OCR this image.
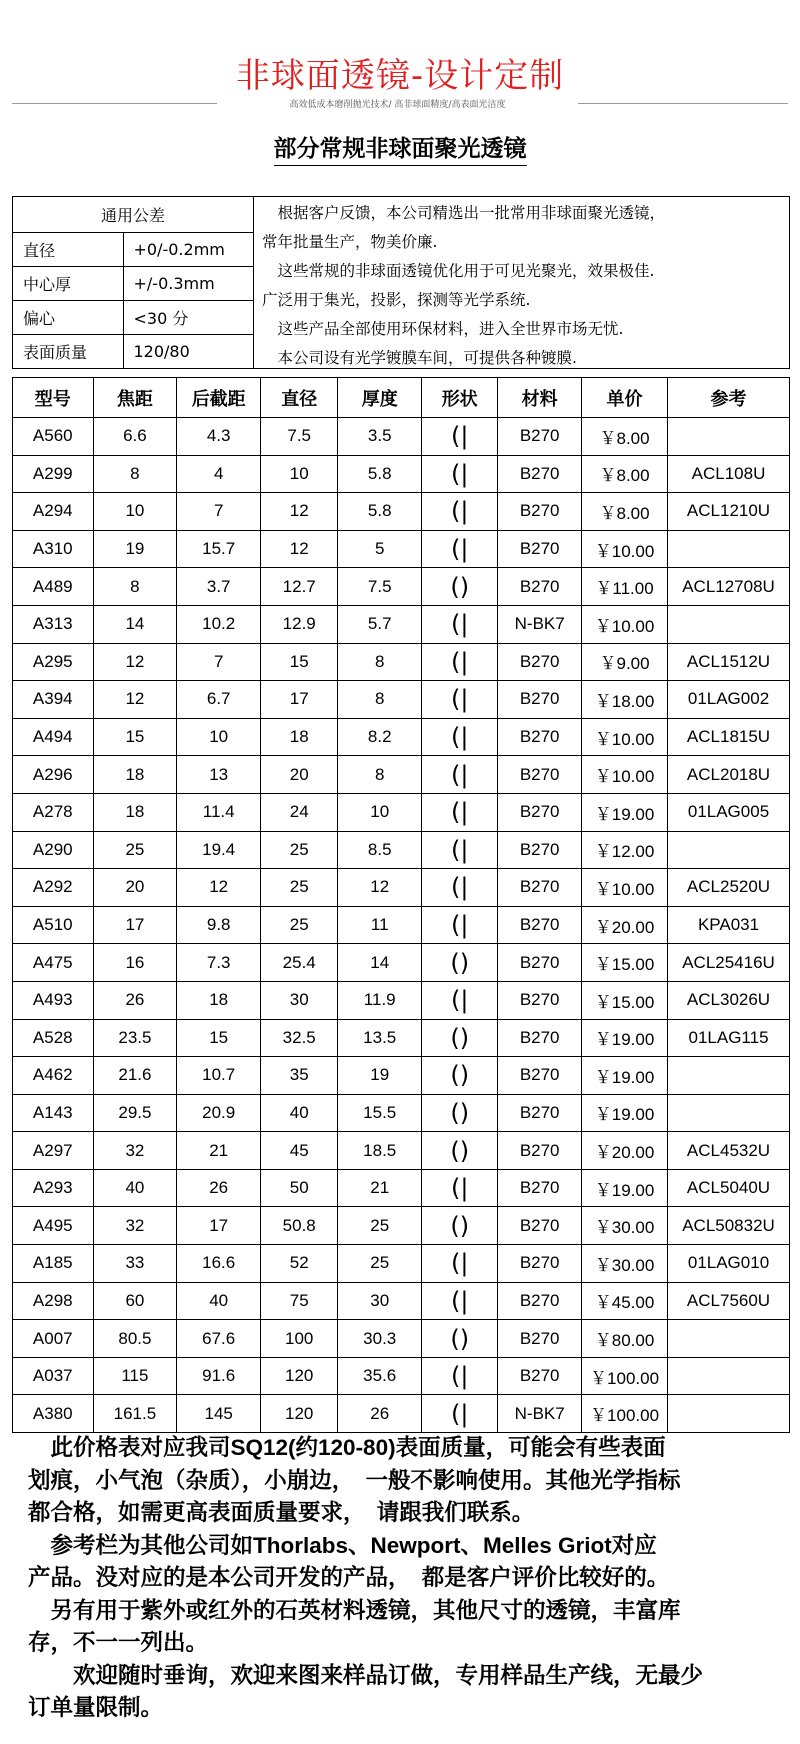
非球面透镜-设计定制
高效低成本磨削抛光技术/ 高非球面精度/高表面光洁度
部分常规非球面聚光透镜
通用公差	
直径	+0/-0.2mm
中心厚	+/-0.3mm
偏心	<30 分
表面质量	120/80

　根据客户反馈，本公司精选出一批常用非球面聚光透镜，

常年批量生产，物美价廉.

　这些常规的非球面透镜优化用于可见光聚光，效果极佳.

广泛用于集光，投影，探测等光学系统.

　这些产品全部使用环保材料，进入全世界市场无忧.

　本公司设有光学镀膜车间，可提供各种镀膜.

型号	焦距	后截距	直径	厚度	形状	材料	单价	参考
A560	6.6	4.3	7.5	3.5	(|	B270	￥8.00	
A299	8	4	10	5.8	(|	B270	￥8.00	ACL108U
A294	10	7	12	5.8	(|	B270	￥8.00	ACL1210U
A310	19	15.7	12	5	(|	B270	￥10.00	
A489	8	3.7	12.7	7.5	()	B270	￥11.00	ACL12708U
A313	14	10.2	12.9	5.7	(|	N-BK7	￥10.00	
A295	12	7	15	8	(|	B270	￥9.00	ACL1512U
A394	12	6.7	17	8	(|	B270	￥18.00	01LAG002
A494	15	10	18	8.2	(|	B270	￥10.00	ACL1815U
A296	18	13	20	8	(|	B270	￥10.00	ACL2018U
A278	18	11.4	24	10	(|	B270	￥19.00	01LAG005
A290	25	19.4	25	8.5	(|	B270	￥12.00	
A292	20	12	25	12	(|	B270	￥10.00	ACL2520U
A510	17	9.8	25	11	(|	B270	￥20.00	KPA031
A475	16	7.3	25.4	14	()	B270	￥15.00	ACL25416U
A493	26	18	30	11.9	(|	B270	￥15.00	ACL3026U
A528	23.5	15	32.5	13.5	()	B270	￥19.00	01LAG115
A462	21.6	10.7	35	19	()	B270	￥19.00	
A143	29.5	20.9	40	15.5	()	B270	￥19.00	
A297	32	21	45	18.5	()	B270	￥20.00	ACL4532U
A293	40	26	50	21	(|	B270	￥19.00	ACL5040U
A495	32	17	50.8	25	()	B270	￥30.00	ACL50832U
A185	33	16.6	52	25	(|	B270	￥30.00	01LAG010
A298	60	40	75	30	(|	B270	￥45.00	ACL7560U
A007	80.5	67.6	100	30.3	()	B270	￥80.00	
A037	115	91.6	120	35.6	(|	B270	￥100.00	
A380	161.5	145	120	26	(|	N-BK7	￥100.00	

　此价格表对应我司SQ12(约120-80)表面质量，可能会有些表面

划痕，小气泡（杂质），小崩边，　一般不影响使用。其他光学指标

都合格，如需更高表面质量要求，　请跟我们联系。

　参考栏为其他公司如Thorlabs、Newport、Melles Griot对应

产品。没对应的是本公司开发的产品，　都是客户评价比较好的。

　另有用于紫外或红外的石英材料透镜，其他尺寸的透镜，丰富库

存，不一一列出。

　　欢迎随时垂询，欢迎来图来样品订做，专用样品生产线，无最少

订单量限制。
